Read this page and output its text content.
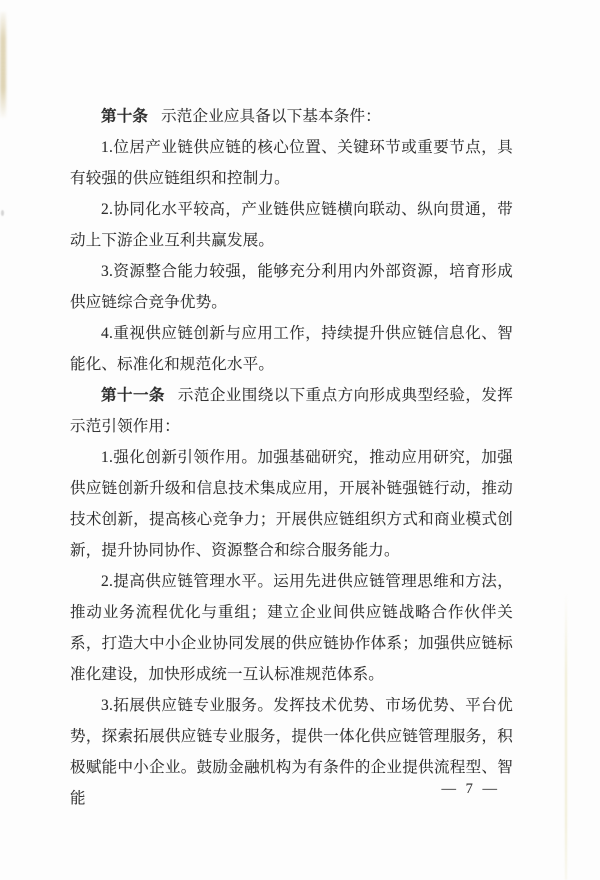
第十条 示范企业应具备以下基本条件：

1.位居产业链供应链的核心位置、关键环节或重要节点，具有较强的供应链组织和控制力。

2.协同化水平较高，产业链供应链横向联动、纵向贯通，带动上下游企业互利共赢发展。

3.资源整合能力较强，能够充分利用内外部资源，培育形成供应链综合竞争优势。

4.重视供应链创新与应用工作，持续提升供应链信息化、智能化、标准化和规范化水平。

第十一条 示范企业围绕以下重点方向形成典型经验，发挥示范引领作用：

1.强化创新引领作用。加强基础研究，推动应用研究，加强供应链创新升级和信息技术集成应用，开展补链强链行动，推动技术创新，提高核心竞争力；开展供应链组织方式和商业模式创新，提升协同协作、资源整合和综合服务能力。

2.提高供应链管理水平。运用先进供应链管理思维和方法，推动业务流程优化与重组；建立企业间供应链战略合作伙伴关系，打造大中小企业协同发展的供应链协作体系；加强供应链标准化建设，加快形成统一互认标准规范体系。

3.拓展供应链专业服务。发挥技术优势、市场优势、平台优势，探索拓展供应链专业服务，提供一体化供应链管理服务，积极赋能中小企业。鼓励金融机构为有条件的企业提供流程型、智能

— 7 —
